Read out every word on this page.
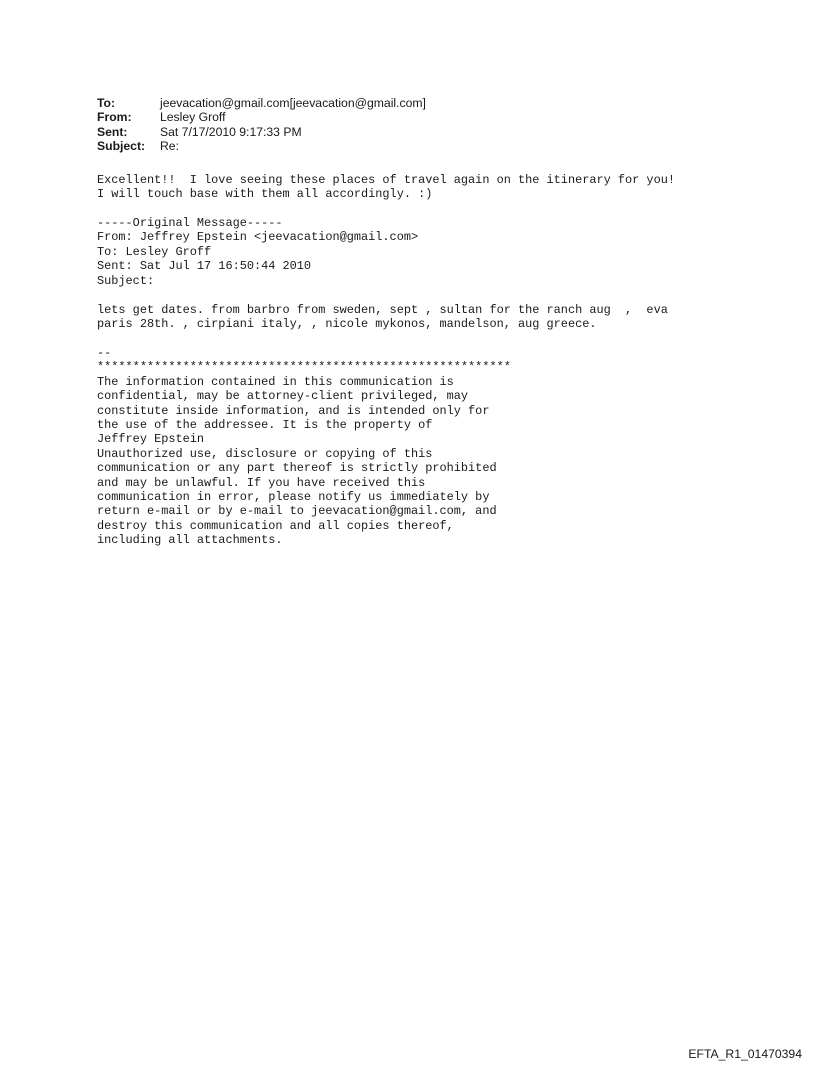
To:	jeevacation@gmail.com[jeevacation@gmail.com]
From:	Lesley Groff
Sent:	Sat 7/17/2010 9:17:33 PM
Subject:	Re:
Excellent!!  I love seeing these places of travel again on the itinerary for you!
I will touch base with them all accordingly. :)
-----Original Message-----
From: Jeffrey Epstein <jeevacation@gmail.com>
To: Lesley Groff
Sent: Sat Jul 17 16:50:44 2010
Subject:
lets get dates. from barbro from sweden, sept , sultan for the ranch aug  ,  eva
paris 28th. , cirpiani italy, , nicole mykonos, mandelson, aug greece.
--
**********************************************************
The information contained in this communication is
confidential, may be attorney-client privileged, may
constitute inside information, and is intended only for
the use of the addressee. It is the property of
Jeffrey Epstein
Unauthorized use, disclosure or copying of this
communication or any part thereof is strictly prohibited
and may be unlawful. If you have received this
communication in error, please notify us immediately by
return e-mail or by e-mail to jeevacation@gmail.com, and
destroy this communication and all copies thereof,
including all attachments.
EFTA_R1_01470394
